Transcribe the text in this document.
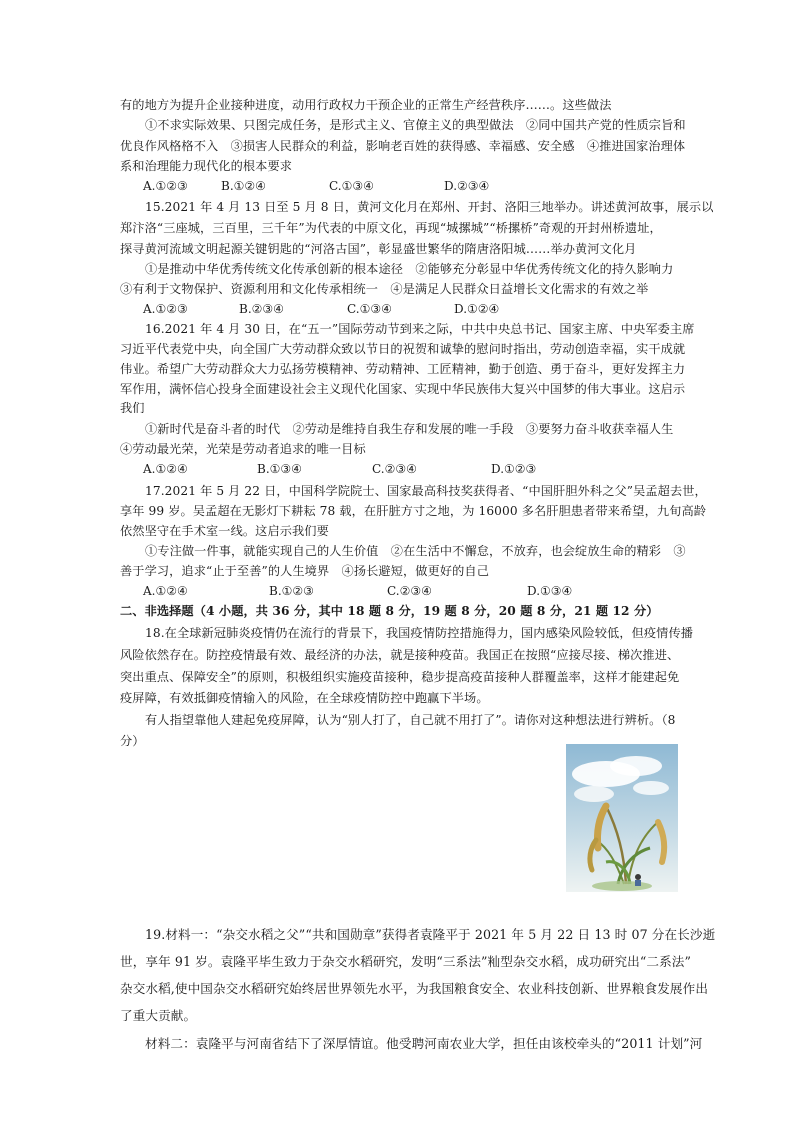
有的地方为提升企业接种进度，动用行政权力干预企业的正常生产经营秩序……。这些做法
①不求实际效果、只图完成任务，是形式主义、官僚主义的典型做法　②同中国共产党的性质宗旨和
优良作风格格不入　③损害人民群众的利益，影响老百姓的获得感、幸福感、安全感　④推进国家治理体
系和治理能力现代化的根本要求
A.①②③	B.①②④	C.①③④	D.②③④
15.2021 年 4 月 13 日至 5 月 8 日，黄河文化月在郑州、开封、洛阳三地举办。讲述黄河故事，展示以
郑汴洛“三座城，三百里，三千年”为代表的中原文化，再现“城摞城”“桥摞桥”奇观的开封州桥遗址，
探寻黄河流域文明起源关键钥匙的“河洛古国”，彰显盛世繁华的隋唐洛阳城……举办黄河文化月
①是推动中华优秀传统文化传承创新的根本途径　②能够充分彰显中华优秀传统文化的持久影响力
③有利于文物保护、资源利用和文化传承相统一　④是满足人民群众日益增长文化需求的有效之举
A.①②③	B.②③④	C.①③④	D.①②④
16.2021 年 4 月 30 日，在“五一”国际劳动节到来之际，中共中央总书记、国家主席、中央军委主席
习近平代表党中央，向全国广大劳动群众致以节日的祝贺和诚挚的慰问时指出，劳动创造幸福，实干成就
伟业。希望广大劳动群众大力弘扬劳模精神、劳动精神、工匠精神，勤于创造、勇于奋斗，更好发挥主力
军作用，满怀信心投身全面建设社会主义现代化国家、实现中华民族伟大复兴中国梦的伟大事业。这启示
我们
①新时代是奋斗者的时代　②劳动是维持自我生存和发展的唯一手段　③要努力奋斗收获幸福人生
④劳动最光荣，光荣是劳动者追求的唯一目标
A.①②④	B.①③④	C.②③④	D.①②③
17.2021 年 5 月 22 日，中国科学院院士、国家最高科技奖获得者、“中国肝胆外科之父”吴孟超去世，
享年 99 岁。吴孟超在无影灯下耕耘 78 载，在肝脏方寸之地，为 16000 多名肝胆患者带来希望，九旬高龄
依然坚守在手术室一线。这启示我们要
①专注做一件事，就能实现自己的人生价值　②在生活中不懈怠，不放弃，也会绽放生命的精彩　③
善于学习，追求“止于至善”的人生境界　④扬长避短，做更好的自己
A.①②④	B.①②③	C.②③④	D.①③④
二、非选择题（4 小题，共 36 分，其中 18 题 8 分，19 题 8 分，20 题 8 分，21 题 12 分）
18.在全球新冠肺炎疫情仍在流行的背景下，我国疫情防控措施得力，国内感染风险较低，但疫情传播
风险依然存在。防控疫情最有效、最经济的办法，就是接种疫苗。我国正在按照“应接尽接、梯次推进、
突出重点、保障安全”的原则，积极组织实施疫苗接种，稳步提高疫苗接种人群覆盖率，这样才能建起免
疫屏障，有效抵御疫情输入的风险，在全球疫情防控中跑赢下半场。
有人指望靠他人建起免疫屏障，认为“别人打了，自己就不用打了”。请你对这种想法进行辨析。（8
分）
19.材料一：“杂交水稻之父”“共和国勋章”获得者袁隆平于 2021 年 5 月 22 日 13 时 07 分在长沙逝
世，享年 91 岁。袁隆平毕生致力于杂交水稻研究，发明“三系法”籼型杂交水稻，成功研究出“二系法”
杂交水稻,使中国杂交水稻研究始终居世界领先水平，为我国粮食安全、农业科技创新、世界粮食发展作出
了重大贡献。
材料二：袁隆平与河南省结下了深厚情谊。他受聘河南农业大学，担任由该校牵头的“2011 计划”河
